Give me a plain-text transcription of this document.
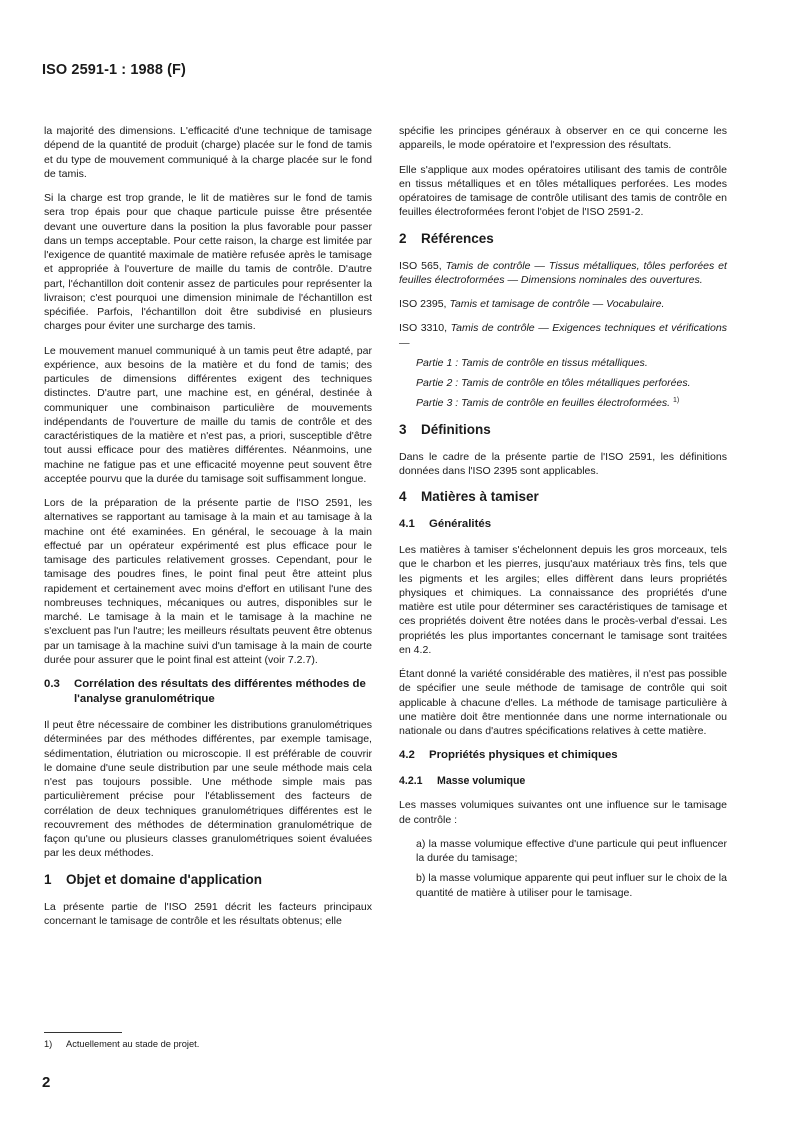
ISO 2591-1 : 1988 (F)

la majorité des dimensions. L'efficacité d'une technique de tamisage dépend de la quantité de produit (charge) placée sur le fond de tamis et du type de mouvement communiqué à la charge placée sur le fond de tamis.

Si la charge est trop grande, le lit de matières sur le fond de tamis sera trop épais pour que chaque particule puisse être présentée devant une ouverture dans la position la plus favorable pour passer dans un temps acceptable. Pour cette raison, la charge est limitée par l'exigence de quantité maximale de matière refusée après le tamisage et appropriée à l'ouverture de maille du tamis de contrôle. D'autre part, l'échantillon doit contenir assez de particules pour représenter la livraison; c'est pourquoi une dimension minimale de l'échantillon est spécifiée. Parfois, l'échantillon doit être subdivisé en plusieurs charges pour éviter une surcharge des tamis.

Le mouvement manuel communiqué à un tamis peut être adapté, par expérience, aux besoins de la matière et du fond de tamis; des particules de dimensions différentes exigent des techniques distinctes. D'autre part, une machine est, en général, destinée à communiquer une combinaison particulière de mouvements indépendants de l'ouverture de maille du tamis de contrôle et des caractéristiques de la matière et n'est pas, a priori, susceptible d'être tout aussi efficace pour des matières différentes. Néanmoins, une machine ne fatigue pas et une efficacité moyenne peut souvent être acceptée pourvu que la durée du tamisage soit suffisamment longue.

Lors de la préparation de la présente partie de l'ISO 2591, les alternatives se rapportant au tamisage à la main et au tamisage à la machine ont été examinées. En général, le secouage à la main effectué par un opérateur expérimenté est plus efficace pour le tamisage des particules relativement grosses. Cependant, pour le tamisage des poudres fines, le point final peut être atteint plus rapidement et certainement avec moins d'effort en utilisant l'une des nombreuses techniques, mécaniques ou autres, disponibles sur le marché. Le tamisage à la main et le tamisage à la machine ne s'excluent pas l'un l'autre; les meilleurs résultats peuvent être obtenus par un tamisage à la machine suivi d'un tamisage à la main de courte durée pour assurer que le point final est atteint (voir 7.2.7).

0.3	Corrélation des résultats des différentes méthodes de l'analyse granulométrique

Il peut être nécessaire de combiner les distributions granulométriques déterminées par des méthodes différentes, par exemple tamisage, sédimentation, élutriation ou microscopie. Il est préférable de couvrir le domaine d'une seule distribution par une seule méthode mais cela n'est pas toujours possible. Une méthode simple mais pas particulièrement précise pour l'établissement des facteurs de corrélation de deux techniques granulométriques différentes est le recouvrement des méthodes de détermination granulométrique de façon qu'une ou plusieurs classes granulométriques soient évaluées par les deux méthodes.

1	Objet et domaine d'application

La présente partie de l'ISO 2591 décrit les facteurs principaux concernant le tamisage de contrôle et les résultats obtenus; elle

spécifie les principes généraux à observer en ce qui concerne les appareils, le mode opératoire et l'expression des résultats.

Elle s'applique aux modes opératoires utilisant des tamis de contrôle en tissus métalliques et en tôles métalliques perforées. Les modes opératoires de tamisage de contrôle utilisant des tamis de contrôle en feuilles électroformées feront l'objet de l'ISO 2591-2.

2	Références

ISO 565, Tamis de contrôle — Tissus métalliques, tôles perforées et feuilles électroformées — Dimensions nominales des ouvertures.

ISO 2395, Tamis et tamisage de contrôle — Vocabulaire.

ISO 3310, Tamis de contrôle — Exigences techniques et vérifications —

Partie 1 : Tamis de contrôle en tissus métalliques.

Partie 2 : Tamis de contrôle en tôles métalliques perforées.

Partie 3 : Tamis de contrôle en feuilles électroformées. $^{1)}$

3	Définitions

Dans le cadre de la présente partie de l'ISO 2591, les définitions données dans l'ISO 2395 sont applicables.

4	Matières à tamiser
4.1	Généralités

Les matières à tamiser s'échelonnent depuis les gros morceaux, tels que le charbon et les pierres, jusqu'aux matériaux très fins, tels que les pigments et les argiles; elles diffèrent dans leurs propriétés physiques et chimiques. La connaissance des propriétés d'une matière est utile pour déterminer ses caractéristiques de tamisage et ces propriétés doivent être notées dans le procès-verbal d'essai. Les propriétés les plus importantes concernant le tamisage sont traitées en 4.2.

Étant donné la variété considérable des matières, il n'est pas possible de spécifier une seule méthode de tamisage de contrôle qui soit applicable à chacune d'elles. La méthode de tamisage particulière à une matière doit être mentionnée dans une norme internationale ou nationale ou dans d'autres spécifications relatives à cette matière.

4.2	Propriétés physiques et chimiques
4.2.1	Masse volumique

Les masses volumiques suivantes ont une influence sur le tamisage de contrôle :

a) la masse volumique effective d'une particule qui peut influencer la durée du tamisage;

b) la masse volumique apparente qui peut influer sur le choix de la quantité de matière à utiliser pour le tamisage.

1) Actuellement au stade de projet.
2
